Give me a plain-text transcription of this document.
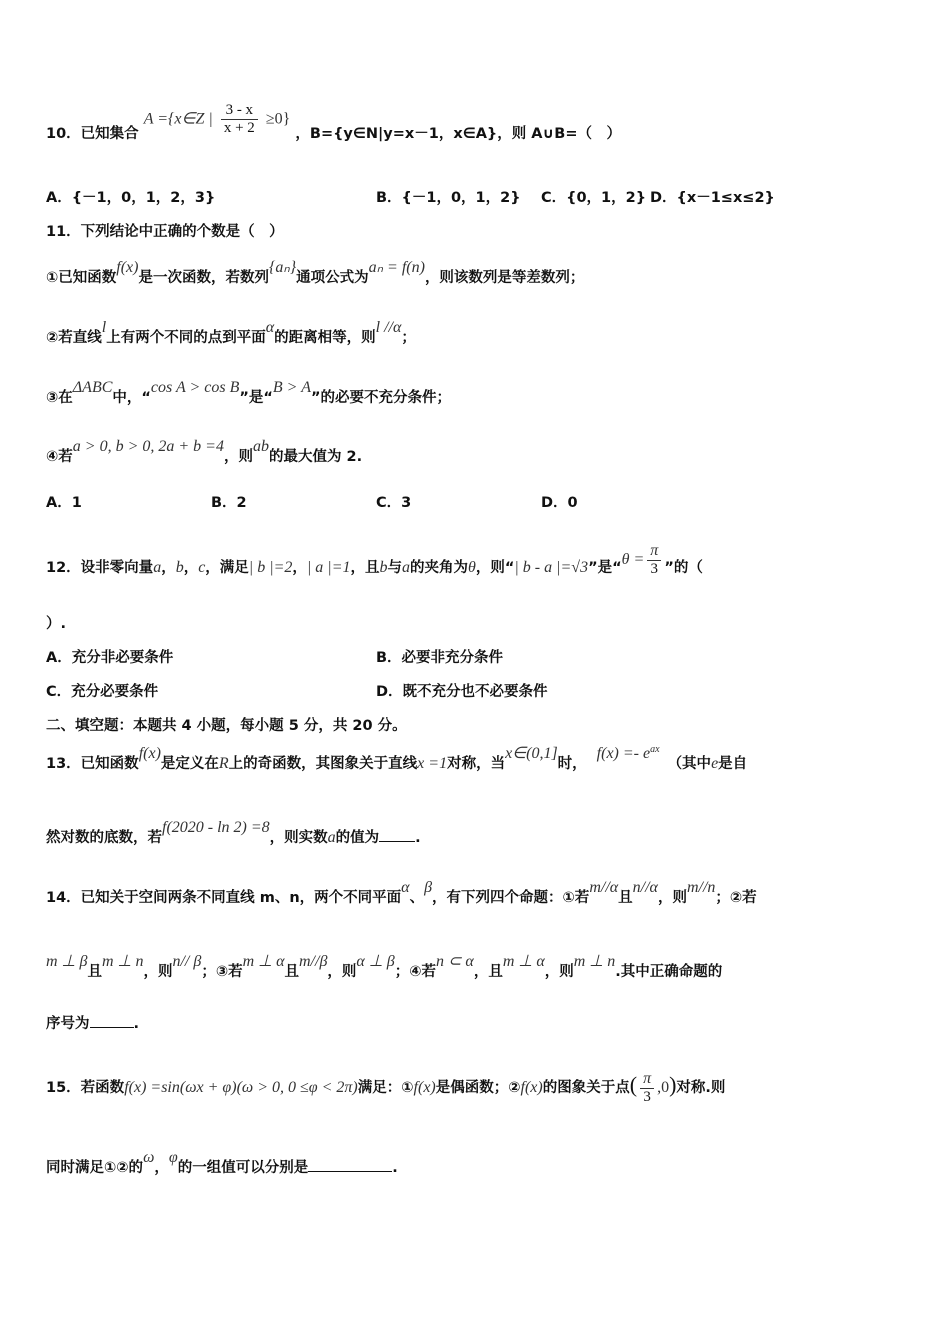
10．已知集合 A ={x∈Z | $\frac{3 - x}{x + 2} \ge 0$} ，B={y∈N|y=x－1，x∈A}，则 A∪B=（　）
A．{－1，0，1，2，3}	B．{－1，0，1，2} C．{0，1，2} D．{x－1≤x≤2}
11．下列结论中正确的个数是（　）
①已知函数f(x)是一次函数，若数列{aₙ}通项公式为aₙ = f(n)，则该数列是等差数列；
②若直线l上有两个不同的点到平面α的距离相等，则l //α；
③在ΔABC中，“cos A > cos B”是“B > A”的必要不充分条件；
④若a > 0, b > 0, 2a + b =4，则ab的最大值为 2.
A．1	B．2	C．3	D．0
12．设非零向量a，b，c，满足| b |=2，| a |=1，且b与a的夹角为θ，则“| b - a |=√3”是“$\theta = \frac{\pi}{3}$ ”的（
）.
A．充分非必要条件	B．必要非充分条件
C．充分必要条件	D．既不充分也不必要条件
二、填空题：本题共 4 小题，每小题 5 分，共 20 分。
13．已知函数f(x)是定义在R上的奇函数，其图象关于直线x =1对称，当x∈(0,1]时，$f(x) =- e^{ax}$（其中e是自
然对数的底数，若f(2020 - ln 2) =8，则实数a的值为 .
14．已知关于空间两条不同直线 m、n，两个不同平面α、β，有下列四个命题：①若m//α且n//α，则m//n；②若
m ⊥ β且m ⊥ n，则n// β；③若m ⊥ α且m//β，则α ⊥ β；④若n ⊂ α，且m ⊥ α，则m ⊥ n.其中正确命题的
序号为	.
15．若函数f(x) =sin(ωx + φ)(ω > 0, 0 ≤φ < 2π)满足：①f(x)是偶函数；②f(x)的图象关于点( $\frac{\pi}{3} ,0$)对称.则
同时满足①②的ω，φ的一组值可以分别是	.
